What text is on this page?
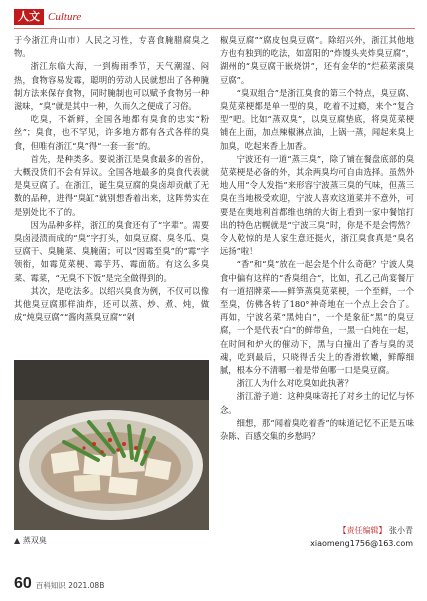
人文 Culture

于今浙江舟山市）人民之习性，专喜食腌腊腐臭之物。

浙江东临大海，一到梅雨季节，天气潮湿、闷热，食物容易发霉，聪明的劳动人民就想出了各种腌制方法来保存食物，同时腌制也可以赋予食物另一种滋味，“臭”就是其中一种，久而久之便成了习俗。

吃臭，不新鲜，全国各地都有臭食的忠实“粉丝”；臭食，也不罕见，许多地方都有各式各样的臭食，但唯有浙江“臭”得“一套一套”的。

首先，是种类多。要说浙江是臭食最多的省份，大概没货们不会有异议。全国各地最多的臭食代表就是臭豆腐了。在浙江，诞生臭豆腐的臭卤却贡献了无数的品种，进得“臭缸”就别想香着出来，这阵势实在是别处比不了的。

因为品种多样，浙江的臭食还有了“字辈”。需要臭卤浸渍而成的“臭”字打头，如臭豆腐、臭冬瓜、臭豆腐干、臭腌菜、臭腌菌；可以“因霉至臭”的“霉”字领衔，如霉苋菜梗、霉芋艿、霉面筋。有这么多臭菜、霉菜，“无臭不下饭”是完全做得到的。

其次，是吃法多。以绍兴臭食为例，不仅可以像其他臭豆腐那样油炸，还可以蒸、炒、煮、炖，做成“炖臭豆腐”“酱肉蒸臭豆腐”“剁

▲ 蒸双臭

椒臭豆腐”“腐皮包臭豆腐”。除绍兴外，浙江其他地方也有独到的吃法，如富阳的“炸馒头夹炸臭豆腐”，湖州的“臭豆腐干嵌烧饼”，还有金华的“烂菘菜滚臭豆腐”。

“臭双组合”是浙江臭食的第三个特点，臭豆腐、臭苋菜梗都是单一型的臭，吃着不过瘾，来个“复合型”吧。比如“蒸双臭”，以臭豆腐垫底，将臭苋菜梗铺在上面，加点辣椒淋点油，上锅一蒸，闻起来臭上加臭，吃起来香上加香。

宁波还有一道“蒸三臭”，除了铺在餐盘底部的臭苋菜梗是必备的外，其余两臭均可自由选择。虽然外地人用“令人发指”来形容宁波蒸三臭的气味，但蒸三臭在当地极受欢迎，宁波人喜欢这道菜并不意外，可要是在奥地利首都维也纳的大街上看到一家中餐馆打出的特色店幌就是“宁波三臭”时，你是不是会愕然？令人乾惊的是人家生意还挺火，浙江臭食真是“臭名远扬”啦！

“香”和“臭”放在一起会是个什么奇葩？宁波人臭食中偏有这样的“香臭组合”，比如，孔乙己尚宴餐厅有一道招牌菜——鲜笋蒸臭苋菜梗，一个至鲜，一个至臭，仿佛各转了180°神奇地在一个点上会合了。再如，宁波名菜“黑炖白”，一个是象征“黑”的臭豆腐，一个是代表“白”的鲜带鱼，一黑一白炖在一起，在时间和炉火的催动下，黑与白撞出了香与臭的灵魂，吃到最后，只晓得舌尖上的香滑软嫩，鲜醇细腻，根本分不清哪一着是带鱼哪一口是臭豆腐。

浙江人为什么对吃臭如此执著？

浙江游子道：这种臭味寄托了对乡土的记忆与怀念。

细想，那“闻着臭吃着香”的味道记忆不正是五味杂陈、百感交集的乡愁吗？

【责任编辑】 张小青
xiaomeng1756@163.com
60 百科知识 2021.08B
